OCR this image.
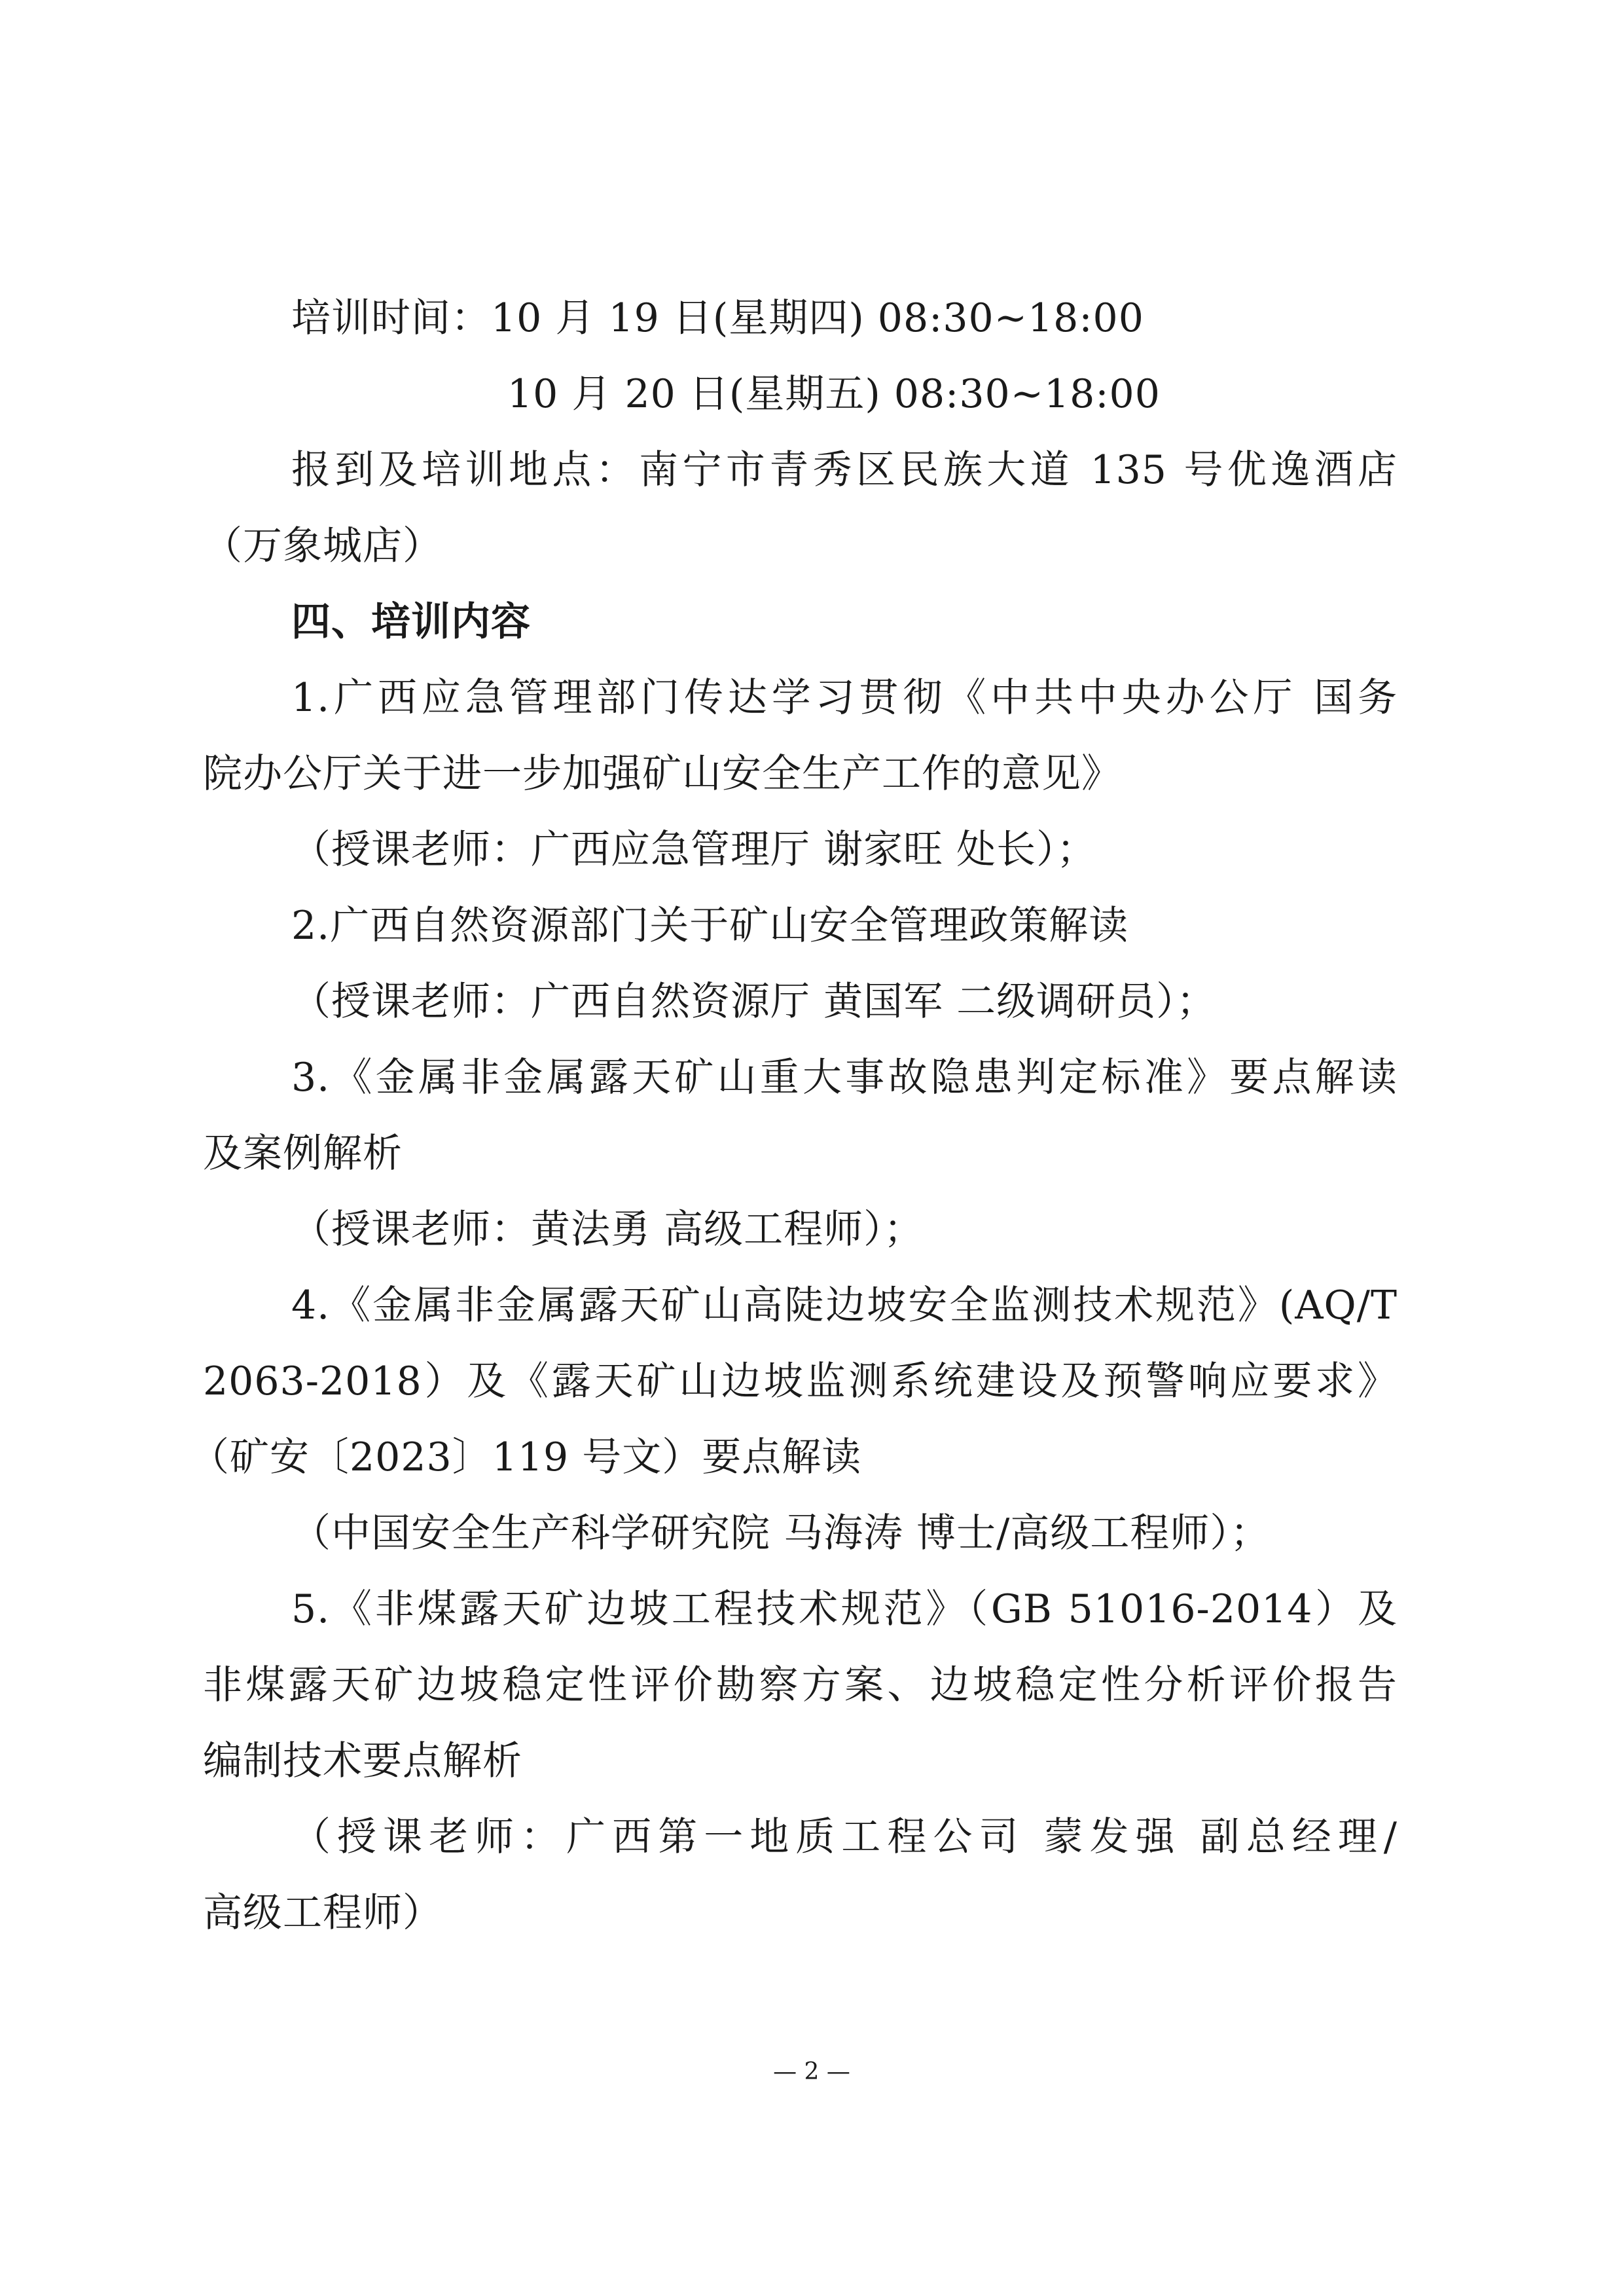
培训时间：10 月 19 日(星期四) 08:30~18:00
10 月 20 日(星期五) 08:30~18:00
报到及培训地点：南宁市青秀区民族大道 135 号优逸酒店
（万象城店）
四、培训内容
1.广西应急管理部门传达学习贯彻《中共中央办公厅 国务
院办公厅关于进一步加强矿山安全生产工作的意见》
（授课老师：广西应急管理厅 谢家旺 处长）；
2.广西自然资源部门关于矿山安全管理政策解读
（授课老师：广西自然资源厅 黄国军 二级调研员）；
3.《金属非金属露天矿山重大事故隐患判定标准》要点解读
及案例解析
（授课老师：黄法勇 高级工程师）；
4.《金属非金属露天矿山高陡边坡安全监测技术规范》(AQ/T
2063-2018）及《露天矿山边坡监测系统建设及预警响应要求》
（矿安〔2023〕119 号文）要点解读
（中国安全生产科学研究院 马海涛 博士/高级工程师）；
5.《非煤露天矿边坡工程技术规范》（GB 51016-2014）及
非煤露天矿边坡稳定性评价勘察方案、边坡稳定性分析评价报告
编制技术要点解析
（授课老师：广西第一地质工程公司 蒙发强 副总经理/
高级工程师）
— 2 —
